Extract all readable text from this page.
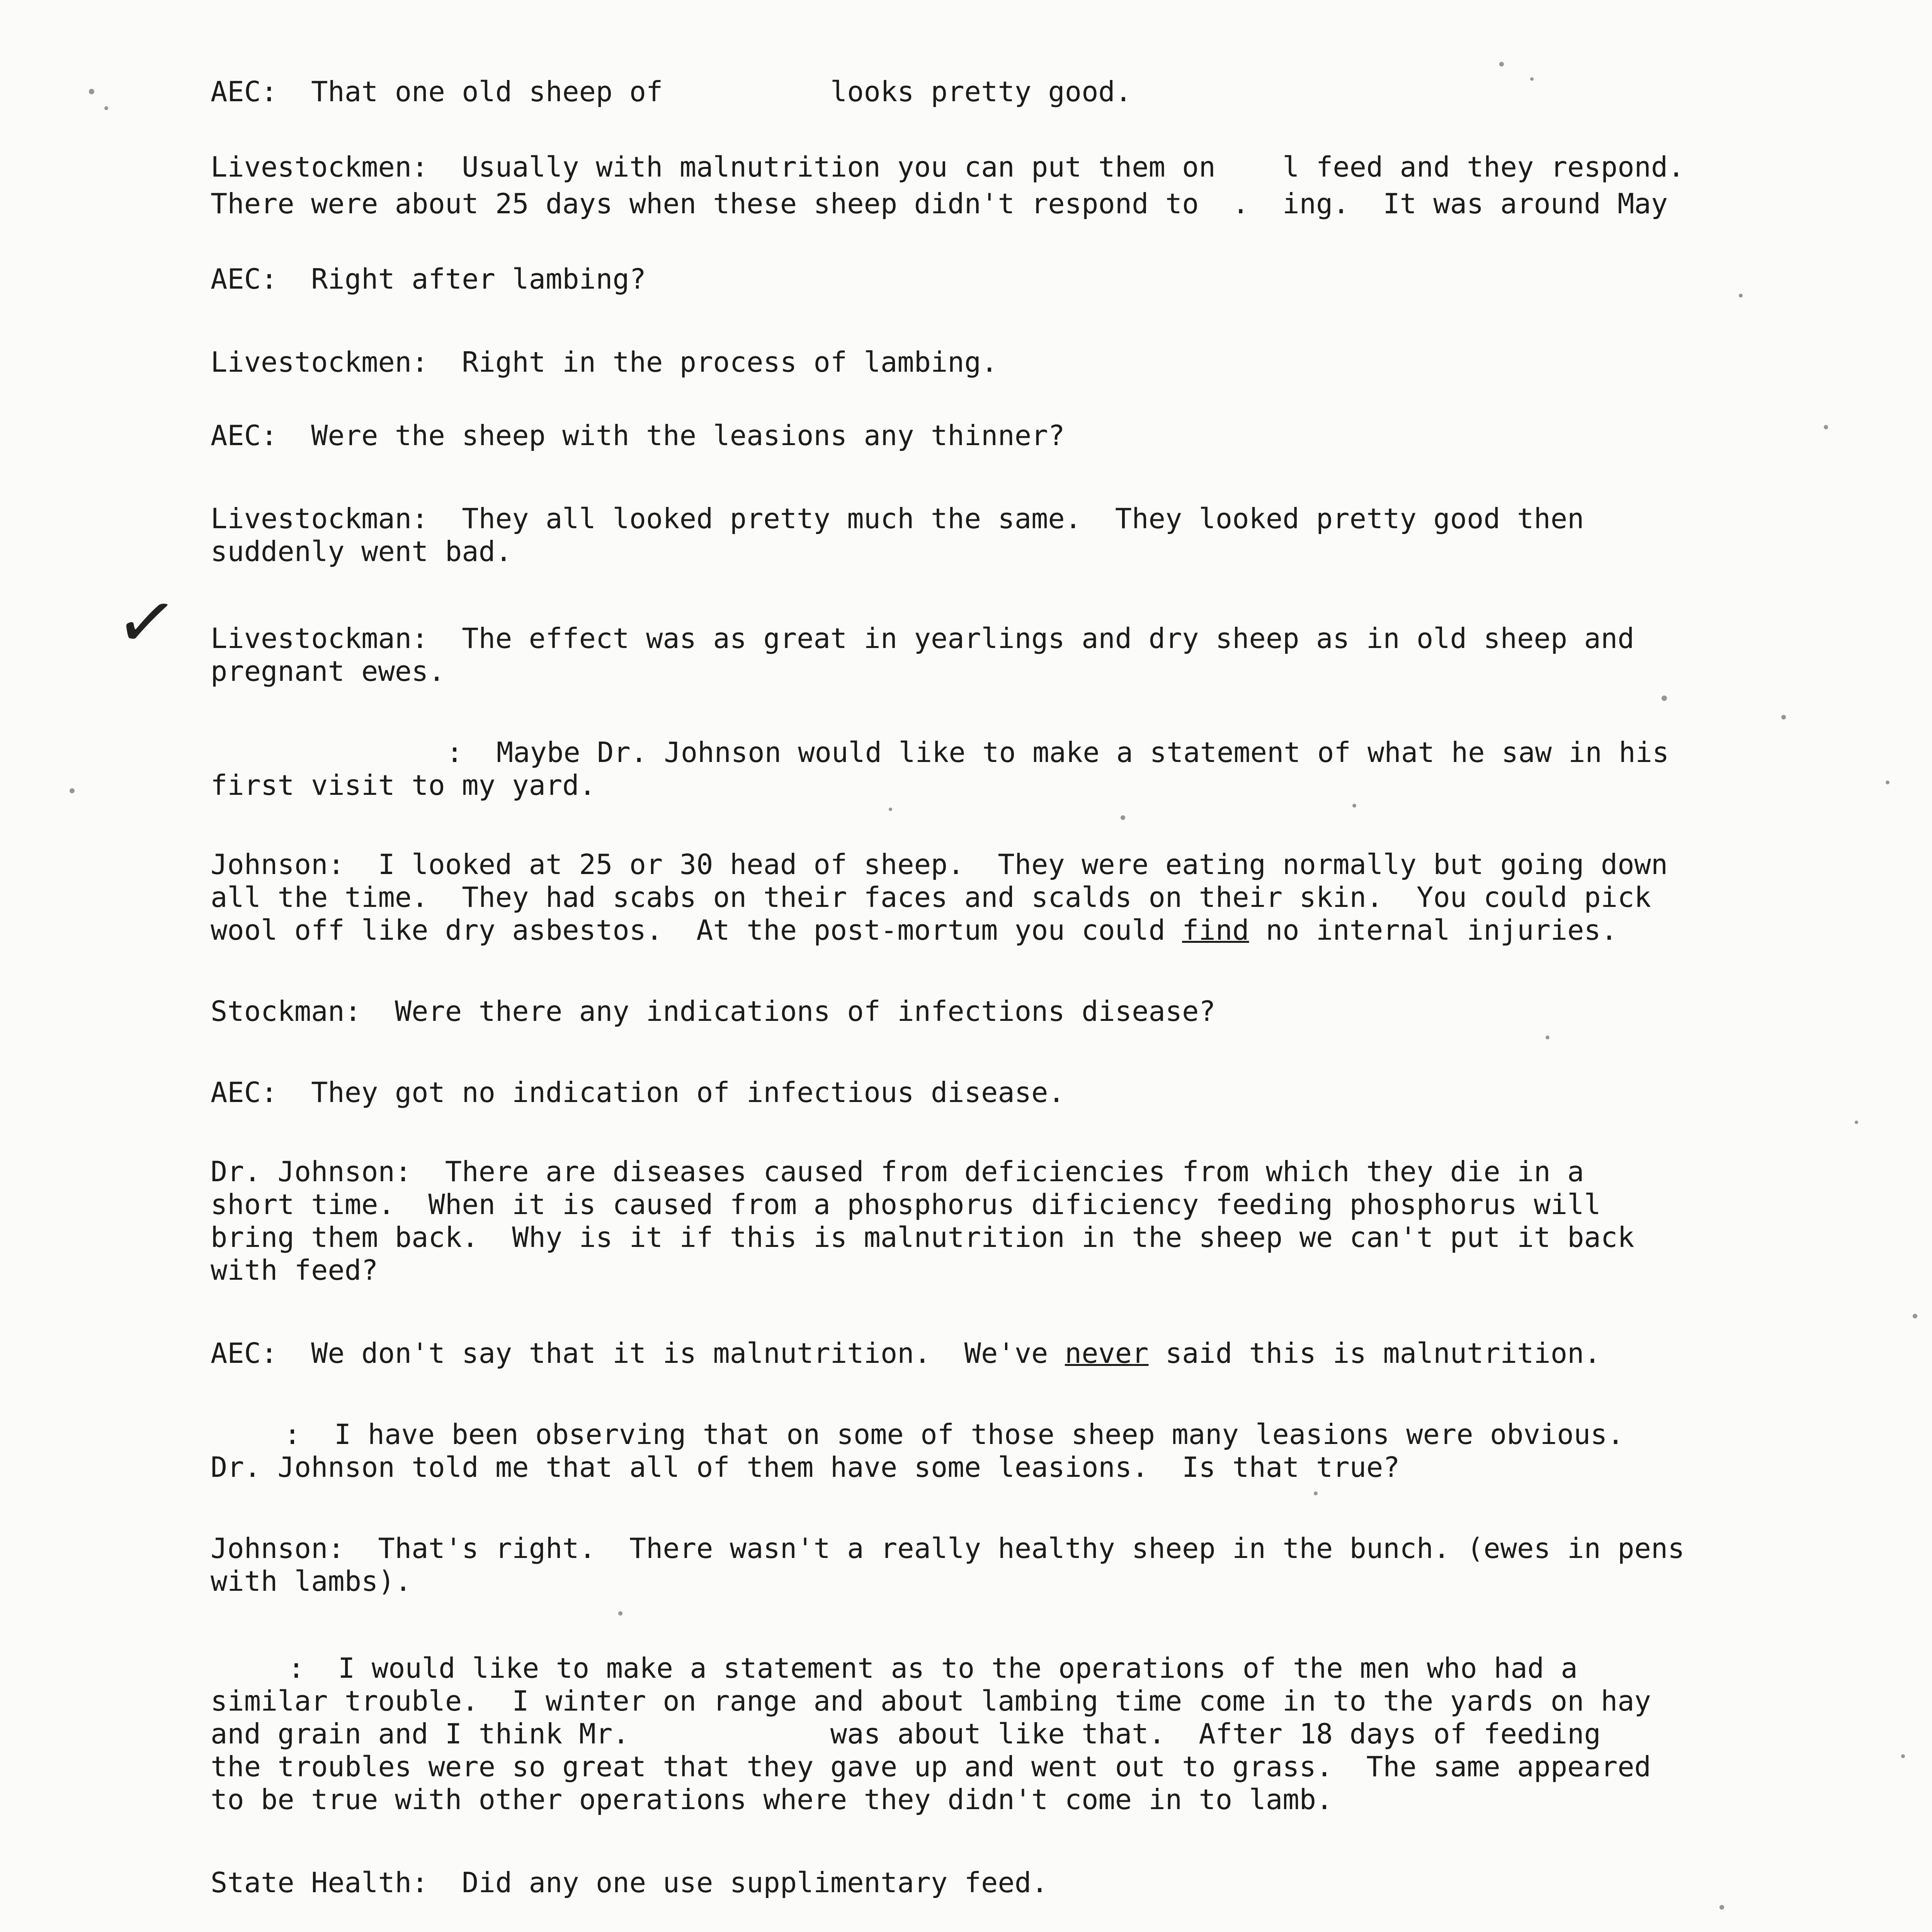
AEC:  That one old sheep of          looks pretty good.
Livestockmen:  Usually with malnutrition you can put them on    l feed and they respond.
There were about 25 days when these sheep didn't respond to  .  ing.  It was around May
AEC:  Right after lambing?
Livestockmen:  Right in the process of lambing.
AEC:  Were the sheep with the leasions any thinner?
Livestockman:  They all looked pretty much the same.  They looked pretty good then
suddenly went bad.
Livestockman:  The effect was as great in yearlings and dry sheep as in old sheep and
pregnant ewes.
:  Maybe Dr. Johnson would like to make a statement of what he saw in his
first visit to my yard.
Johnson:  I looked at 25 or 30 head of sheep.  They were eating normally but going down
all the time.  They had scabs on their faces and scalds on their skin.  You could pick
wool off like dry asbestos.  At the post-mortum you could find no internal injuries.
Stockman:  Were there any indications of infections disease?
AEC:  They got no indication of infectious disease.
Dr. Johnson:  There are diseases caused from deficiencies from which they die in a
short time.  When it is caused from a phosphorus dificiency feeding phosphorus will
bring them back.  Why is it if this is malnutrition in the sheep we can't put it back
with feed?
AEC:  We don't say that it is malnutrition.  We've never said this is malnutrition.
:  I have been observing that on some of those sheep many leasions were obvious.
Dr. Johnson told me that all of them have some leasions.  Is that true?
Johnson:  That's right.  There wasn't a really healthy sheep in the bunch. (ewes in pens
with lambs).
:  I would like to make a statement as to the operations of the men who had a
similar trouble.  I winter on range and about lambing time come in to the yards on hay
and grain and I think Mr.            was about like that.  After 18 days of feeding
the troubles were so great that they gave up and went out to grass.  The same appeared
to be true with other operations where they didn't come in to lamb.
State Health:  Did any one use supplimentary feed.
✓
